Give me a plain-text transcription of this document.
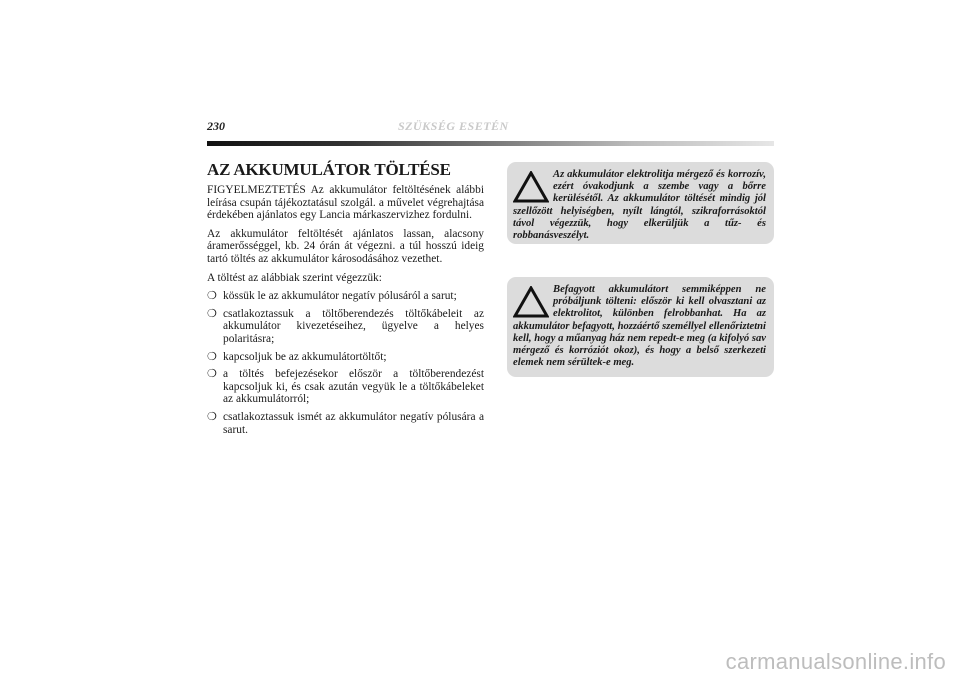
230	SZÜKSÉG ESETÉN
AZ AKKUMULÁTOR TÖLTÉSE

FIGYELMEZTETÉS Az akkumulátor feltöltésének alábbi leírása csupán tájékoztatásul szolgál. a művelet végrehajtása érdekében ajánlatos egy Lancia márkaszervizhez fordulni.

Az akkumulátor feltöltését ajánlatos lassan, alacsony áramerősséggel, kb. 24 órán át végezni. a túl hosszú ideig tartó töltés az akkumulátor károsodásához vezethet.

A töltést az alábbiak szerint végezzük:

❍ kössük le az akkumulátor negatív pólusáról a sarut;
❍ csatlakoztassuk a töltőberendezés töltőkábeleit az akkumulátor kivezetéseihez, ügyelve a helyes polaritásra;
❍ kapcsoljuk be az akkumulátortöltőt;
❍ a töltés befejezésekor először a töltőberendezést kapcsoljuk ki, és csak azután vegyük le a töltőkábeleket az akkumulátorról;
❍ csatlakoztassuk ismét az akkumulátor negatív pólusára a sarut.
Az akkumulátor elektrolitja mérgező és korrozív, ezért óvakodjunk a szembe vagy a bőrre kerülésétől. Az akkumulátor töltését mindig jól szellőzött helyiségben, nyílt lángtól, szikraforrásoktól távol végezzük, hogy elkerüljük a tűz- és robbanásveszélyt.
Befagyott akkumulátort semmiképpen ne próbáljunk tölteni: először ki kell olvasztani az elektrolitot, különben felrobbanhat. Ha az akkumulátor befagyott, hozzáértő személlyel ellenőriztetni kell, hogy a műanyag ház nem repedt-e meg (a kifolyó sav mérgező és korróziót okoz), és hogy a belső szerkezeti elemek nem sérültek-e meg.
carmanualsonline.info
